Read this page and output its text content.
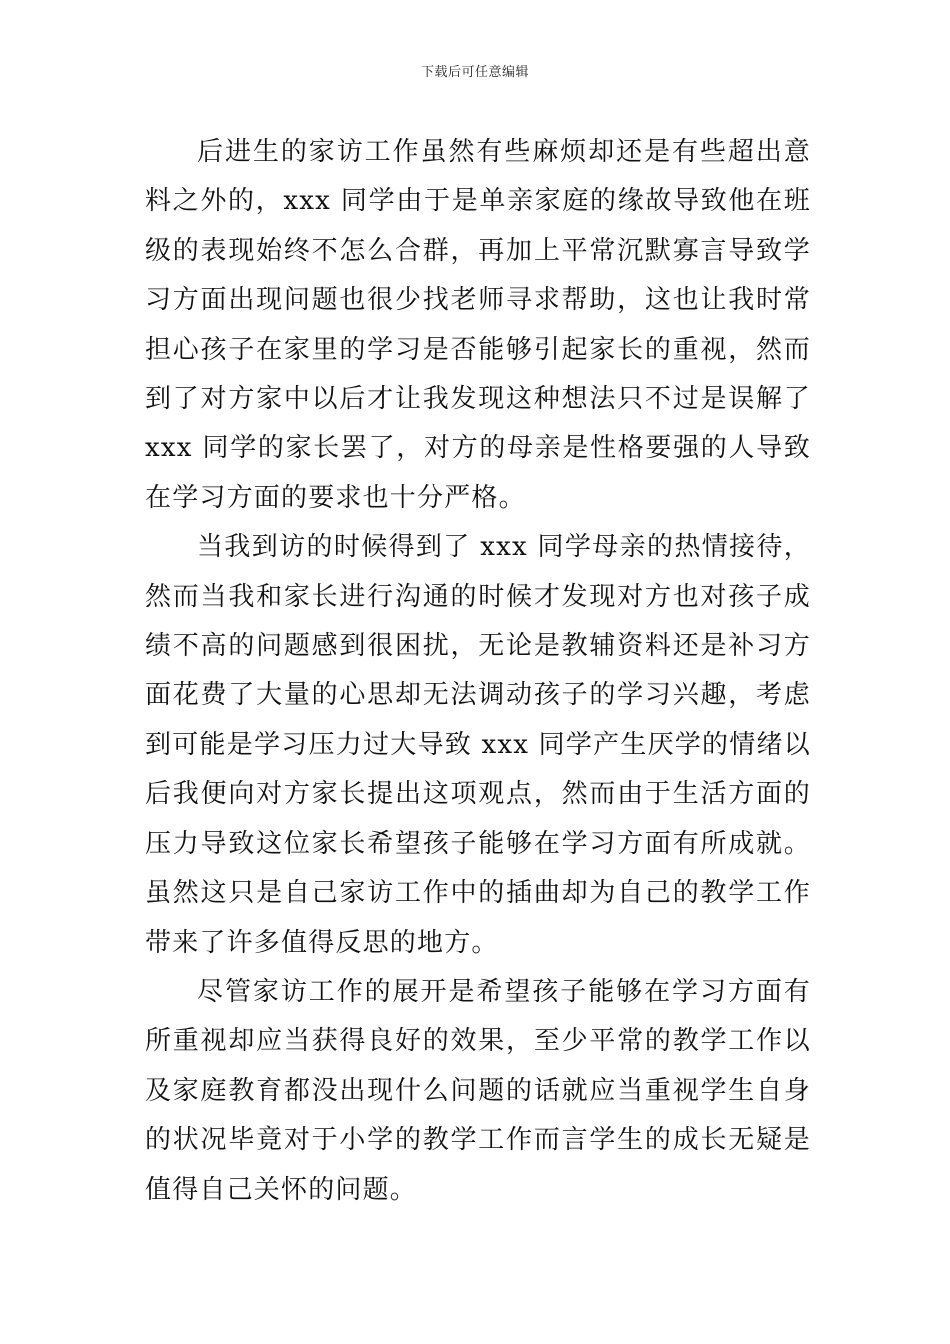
下载后可任意编辑

后进生的家访工作虽然有些麻烦却还是有些超出意料之外的，xxx 同学由于是单亲家庭的缘故导致他在班级的表现始终不怎么合群，再加上平常沉默寡言导致学习方面出现问题也很少找老师寻求帮助，这也让我时常担心孩子在家里的学习是否能够引起家长的重视，然而到了对方家中以后才让我发现这种想法只不过是误解了 xxx 同学的家长罢了，对方的母亲是性格要强的人导致在学习方面的要求也十分严格。

当我到访的时候得到了 xxx 同学母亲的热情接待，然而当我和家长进行沟通的时候才发现对方也对孩子成绩不高的问题感到很困扰，无论是教辅资料还是补习方面花费了大量的心思却无法调动孩子的学习兴趣，考虑到可能是学习压力过大导致 xxx 同学产生厌学的情绪以后我便向对方家长提出这项观点，然而由于生活方面的压力导致这位家长希望孩子能够在学习方面有所成就。虽然这只是自己家访工作中的插曲却为自己的教学工作带来了许多值得反思的地方。

尽管家访工作的展开是希望孩子能够在学习方面有所重视却应当获得良好的效果，至少平常的教学工作以及家庭教育都没出现什么问题的话就应当重视学生自身的状况毕竟对于小学的教学工作而言学生的成长无疑是值得自己关怀的问题。
